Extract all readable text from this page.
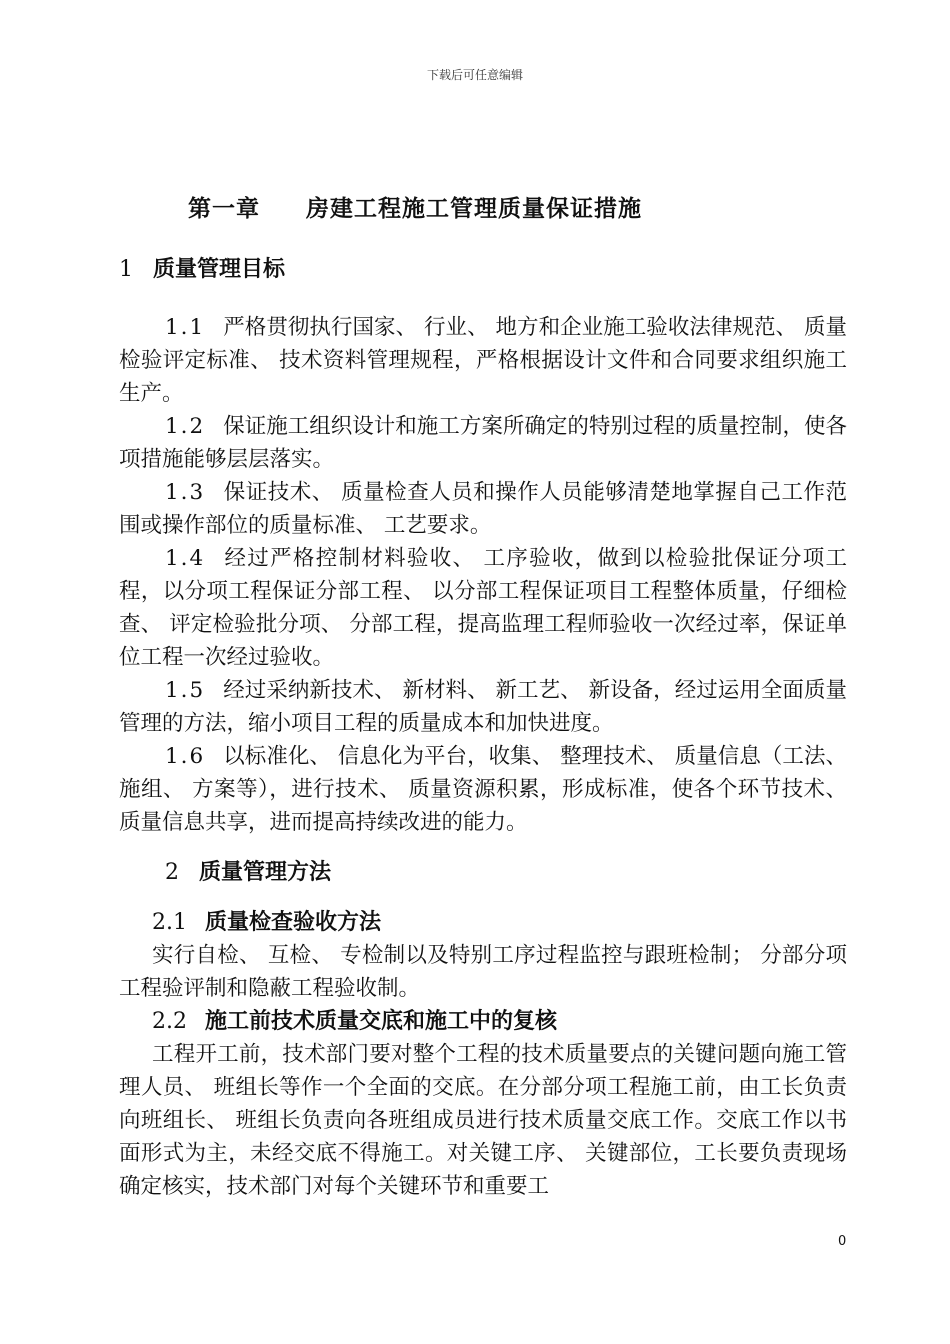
下载后可任意编辑
第一章 房建工程施工管理质量保证措施
1 质量管理目标

1.1 严格贯彻执行国家、 行业、 地方和企业施工验收法律规范、 质量检验评定标准、 技术资料管理规程，严格根据设计文件和合同要求组织施工生产。

1.2 保证施工组织设计和施工方案所确定的特别过程的质量控制，使各项措施能够层层落实。

1.3 保证技术、 质量检查人员和操作人员能够清楚地掌握自己工作范围或操作部位的质量标准、 工艺要求。

1.4 经过严格控制材料验收、 工序验收，做到以检验批保证分项工程，以分项工程保证分部工程、 以分部工程保证项目工程整体质量，仔细检查、 评定检验批分项、 分部工程，提高监理工程师验收一次经过率，保证单位工程一次经过验收。

1.5 经过采纳新技术、 新材料、 新工艺、 新设备，经过运用全面质量管理的方法，缩小项目工程的质量成本和加快进度。

1.6 以标准化、 信息化为平台，收集、 整理技术、 质量信息（工法、 施组、 方案等），进行技术、 质量资源积累，形成标准，使各个环节技术、 质量信息共享，进而提高持续改进的能力。

2 质量管理方法

2.1 质量检查验收方法

实行自检、 互检、 专检制以及特别工序过程监控与跟班检制； 分部分项工程验评制和隐蔽工程验收制。

2.2 施工前技术质量交底和施工中的复核

工程开工前，技术部门要对整个工程的技术质量要点的关键问题向施工管理人员、 班组长等作一个全面的交底。在分部分项工程施工前，由工长负责向班组长、 班组长负责向各班组成员进行技术质量交底工作。交底工作以书面形式为主，未经交底不得施工。对关键工序、 关键部位，工长要负责现场确定核实，技术部门对每个关键环节和重要工

0
